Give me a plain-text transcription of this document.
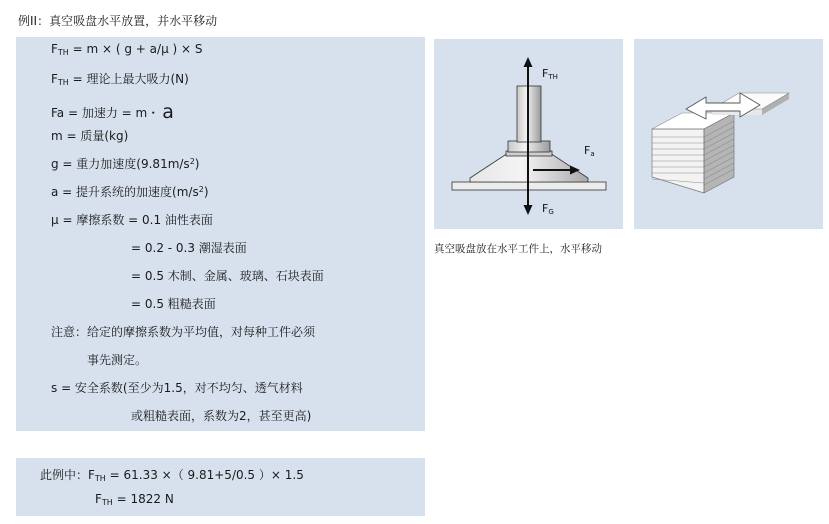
例II：真空吸盘水平放置，并水平移动
$F_{TH} = m$ × ( g + a/μ ) × S
$F_{TH}$ = 理论上最大吸力(N)
Fa = 加速力 = m・ a
m = 质量(kg)
g = 重力加速度$(9.81m/s^2)$
a = 提升系统的加速度$(m/s^2)$
μ = 摩擦系数 = 0.1 油性表面
= 0.2 - 0.3 潮湿表面
= 0.5 木制、金属、玻璃、石块表面
= 0.5 粗糙表面
注意：给定的摩擦系数为平均值，对每种工件必须
事先测定。
s = 安全系数(至少为1.5，对不均匀、透气材料
或粗糙表面，系数为2，甚至更高)
此例中：$F_{TH} = 61.33$ ×（ 9.81+5/0.5 ）× 1.5
$F_{TH} = 1822$ N
FTH
Fa
FG
真空吸盘放在水平工件上，水平移动
